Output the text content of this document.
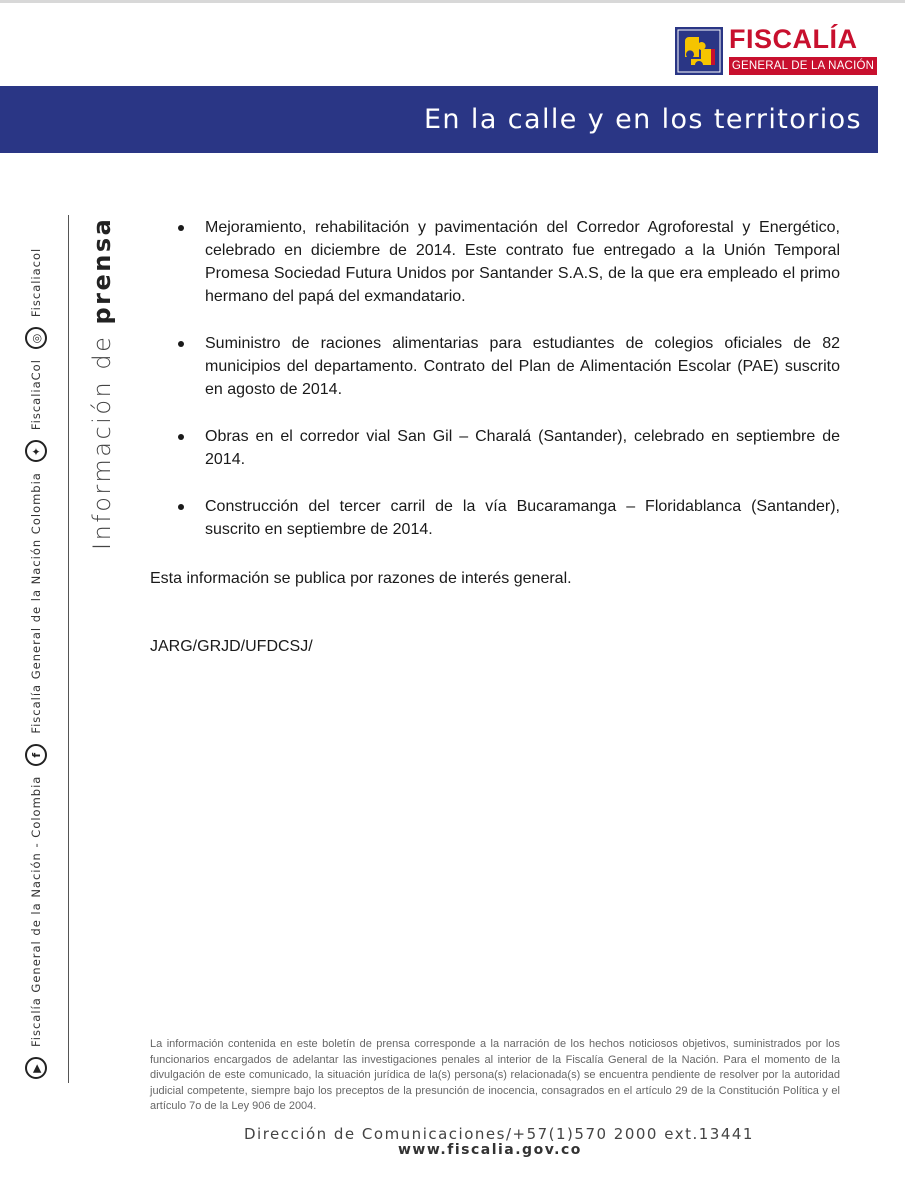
FISCALÍA
GENERAL DE LA NACIÓN
En la calle y en los territorios
▶
Fiscalía General de la Nación - Colombia
f
Fiscalía General de la Nación Colombia
✦
FiscaliaCol
◎
Fiscaliacol
Información de prensa	Mejoramiento, rehabilitación y pavimentación del Corredor Agroforestal y Energético, celebrado en diciembre de 2014. Este contrato fue entregado a la Unión Temporal Promesa Sociedad Futura Unidos por Santander S.A.S, de la que era empleado el primo hermano del papá del exmandatario.
Suministro de raciones alimentarias para estudiantes de colegios oficiales de 82 municipios del departamento. Contrato del Plan de Alimentación Escolar (PAE) suscrito en agosto de 2014.
Obras en el corredor vial San Gil – Charalá (Santander), celebrado en septiembre de 2014.
Construcción del tercer carril de la vía Bucaramanga – Floridablanca (Santander), suscrito en septiembre de 2014.
Esta información se publica por razones de interés general.
JARG/GRJD/UFDCSJ/
La información contenida en este boletín de prensa corresponde a la narración de los hechos noticiosos objetivos, suministrados por los funcionarios encargados de adelantar las investigaciones penales al interior de la Fiscalía General de la Nación. Para el momento de la divulgación de este comunicado, la situación jurídica de la(s) persona(s) relacionada(s) se encuentra pendiente de resolver por la autoridad judicial competente, siempre bajo los preceptos de la presunción de inocencia, consagrados en el artículo 29 de la Constitución Política y el artículo 7o de la Ley 906 de 2004.
Dirección de Comunicaciones/+57(1)570 2000 ext.13441
www.fiscalia.gov.co
